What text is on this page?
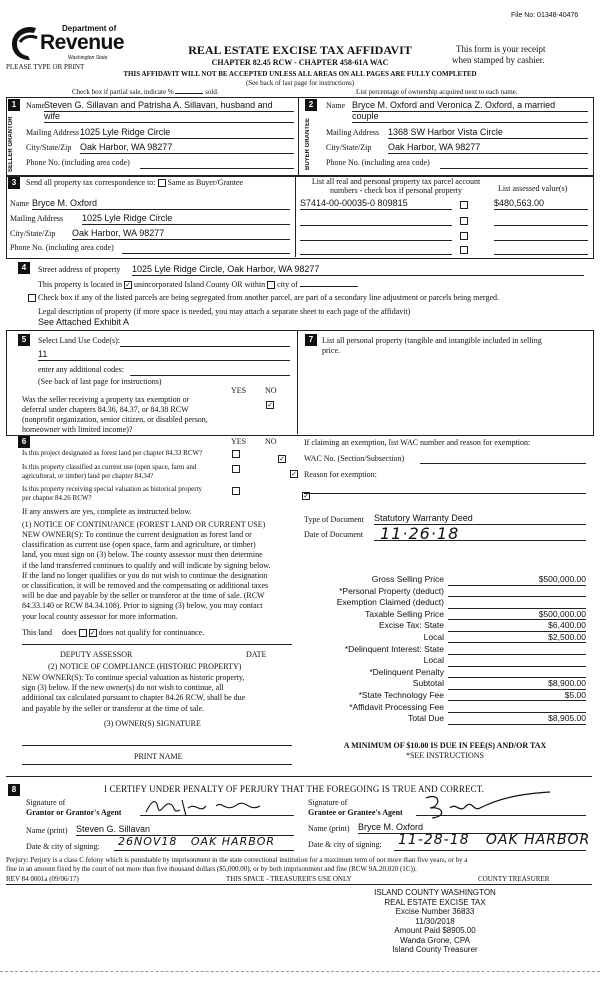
File No: 01348-40476
Department of
Revenue
Washington State
PLEASE TYPE OR PRINT
REAL ESTATE EXCISE TAX AFFIDAVIT
CHAPTER 82.45 RCW - CHAPTER 458-61A WAC
This form is your receipt
when stamped by cashier.
THIS AFFIDAVIT WILL NOT BE ACCEPTED UNLESS ALL AREAS ON ALL PAGES ARE FULLY COMPLETED
(See back of last page for instructions)
Check box if partial sale, indicate %	sold.	List percentage of ownership acquired next to each name.
1
SELLER GRANTOR
Name
Steven G. Sillavan and Patrisha A. Sillavan, husband and
wife
Mailing Address 1025 Lyle Ridge Circle
City/State/Zip Oak Harbor, WA 98277
Phone No. (including area code)
2
BUYER GRANTEE
Name Bryce M. Oxford and Veronica Z. Oxford, a married
couple
Mailing Address 1368 SW Harbor Vista Circle
City/State/Zip Oak Harbor, WA 98277
Phone No. (including area code)
3	Send all property tax correspondence to: Same as Buyer/Grantee
Name Bryce M. Oxford
Mailing Address 1025 Lyle Ridge Circle
City/State/Zip Oak Harbor, WA 98277
Phone No. (including area code)
List all real and personal property tax parcel account
numbers - check box if personal property	List assessed value(s)
S7414-00-00035-0 809815	$480,563.00
4	Street address of property 1025 Lyle Ridge Circle, Oak Harbor, WA 98277
This property is located in ✓ unincorporated Island County OR within city of
Check box if any of the listed parcels are being segregated from another parcel, are part of a secondary line adjustment or parcels being merged.
Legal description of property (if more space is needed, you may attach a separate sheet to each page of the affidavit)
See Attached Exhibit A
5	Select Land Use Code(s):
11
enter any additional codes:
(See back of last page for instructions)
YES NO
Was the seller receiving a property tax exemption or
deferral under chapters 84.36, 84.37, or 84.38 RCW
(nonprofit organization, senior citizen, or disabled person,
homeowner with limited income)?
✓
7	List all personal property (tangible and intangible included in selling
price.
6	YES NO
Is this project designated as forest land per chapter 84.33 RCW?
✓
Is this property classified as current use (open space, farm and
agricultural, or timber) land per chapter 84.34?	✓
Is this property receiving special valuation as historical property
per chapter 84.26 RCW?	✓
If any answers are yes, complete as instructed below.
(1) NOTICE OF CONTINUANCE (FOREST LAND OR CURRENT USE)
NEW OWNER(S): To continue the current designation as forest land or
classification as current use (open space, farm and agriculture, or timber)
land, you must sign on (3) below. The county assessor must then determine
if the land transferred continues to qualify and will indicate by signing below.
If the land no longer qualifies or you do not wish to continue the designation
or classification, it will be removed and the compensating or additional taxes
will be due and payable by the seller or transferor at the time of sale. (RCW
84.33.140 or RCW 84.34.108). Prior to signing (3) below, you may contact
your local county assessor for more information.
This land does ✓ does not qualify for continuance.
DEPUTY ASSESSOR	DATE
(2) NOTICE OF COMPLIANCE (HISTORIC PROPERTY)
NEW OWNER(S): To continue special valuation as historic property,
sign (3) below. If the new owner(s) do not wish to continue, all
additional tax calculated pursuant to chapter 84.26 RCW, shall be due
and payable by the seller or transferor at the time of sale.
(3) OWNER(S) SIGNATURE
PRINT NAME
If claiming an exemption, list WAC number and reason for exemption:
WAC No. (Section/Subsection)
Reason for exemption:
Type of Document Statutory Warranty Deed
Date of Document 11·26·18
Gross Selling Price	$500,000.00
*Personal Property (deduct)
Exemption Claimed (deduct)
Taxable Selling Price	$500,000.00
Excise Tax: State	$6,400.00
Local	$2,500.00
*Delinquent Interest: State
Local
*Delinquent Penalty
Subtotal	$8,900.00
*State Technology Fee	$5.00
*Affidavit Processing Fee
Total Due	$8,905.00
A MINIMUM OF $10.00 IS DUE IN FEE(S) AND/OR TAX
*SEE INSTRUCTIONS
8	I CERTIFY UNDER PENALTY OF PERJURY THAT THE FOREGOING IS TRUE AND CORRECT.
Signature of
Grantor or Grantor's Agent
Name (print) Steven G. Sillavan
Date & city of signing: 26NOV18   OAK HARBOR
Signature of
Grantee or Grantee's Agent
Name (print) Bryce M. Oxford
Date & city of signing: 11-28-18   OAK HARBOR
Perjury: Perjury is a class C felony which is punishable by imprisonment in the state correctional institution for a maximum term of not more than five years, or by a
fine in an amount fixed by the court of not more than five thousand dollars ($5,000.00), or by both imprisonment and fine (RCW 9A.20.020 (1C)).
REV 84 0001a (09/06/17)	THIS SPACE - TREASURER'S USE ONLY	COUNTY TREASURER
ISLAND COUNTY WASHINGTON
REAL ESTATE EXCISE TAX
Excise Number 36833
11/30/2018
Amount Paid $8905.00
Wanda Grone, CPA
Island County Treasurer
